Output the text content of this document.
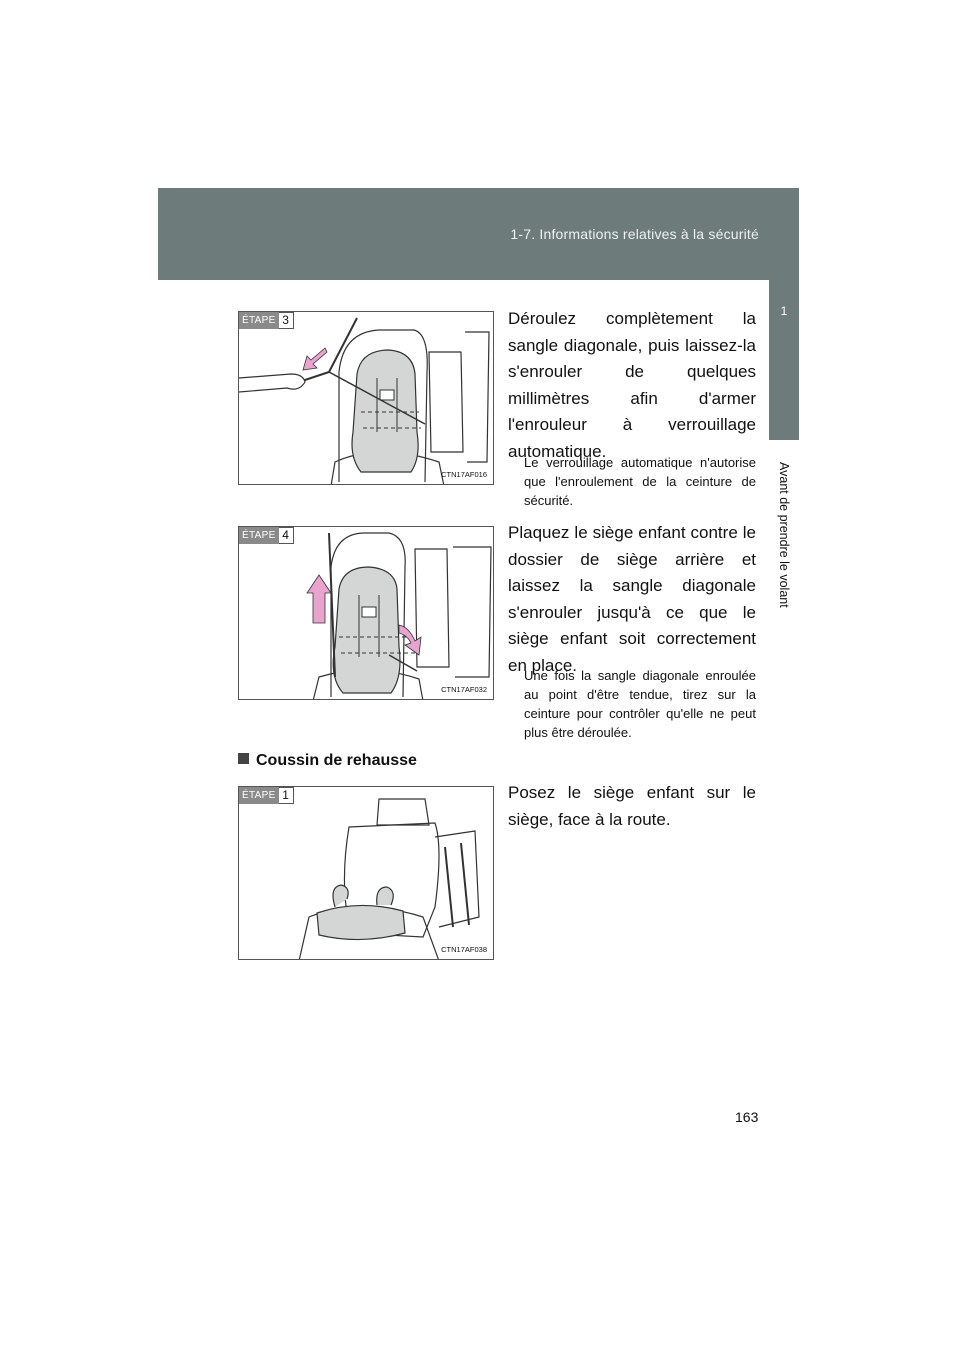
1-7. Informations relatives à la sécurité
1
Avant de prendre le volant
ÉTAPE 3
CTN17AF016
Déroulez complètement la sangle diagonale, puis laissez-la s'enrouler de quelques millimètres afin d'armer l'enrouleur à verrouillage automatique.
Le verrouillage automatique n'autorise que l'enroulement de la ceinture de sécurité.
ÉTAPE 4
CTN17AF032
Plaquez le siège enfant contre le dossier de siège arrière et laissez la sangle diagonale s'enrouler jusqu'à ce que le siège enfant soit correctement en place.
Une fois la sangle diagonale enroulée au point d'être tendue, tirez sur la ceinture pour contrôler qu'elle ne peut plus être déroulée.
Coussin de rehausse
ÉTAPE 1
CTN17AF038
Posez le siège enfant sur le siège, face à la route.
163
